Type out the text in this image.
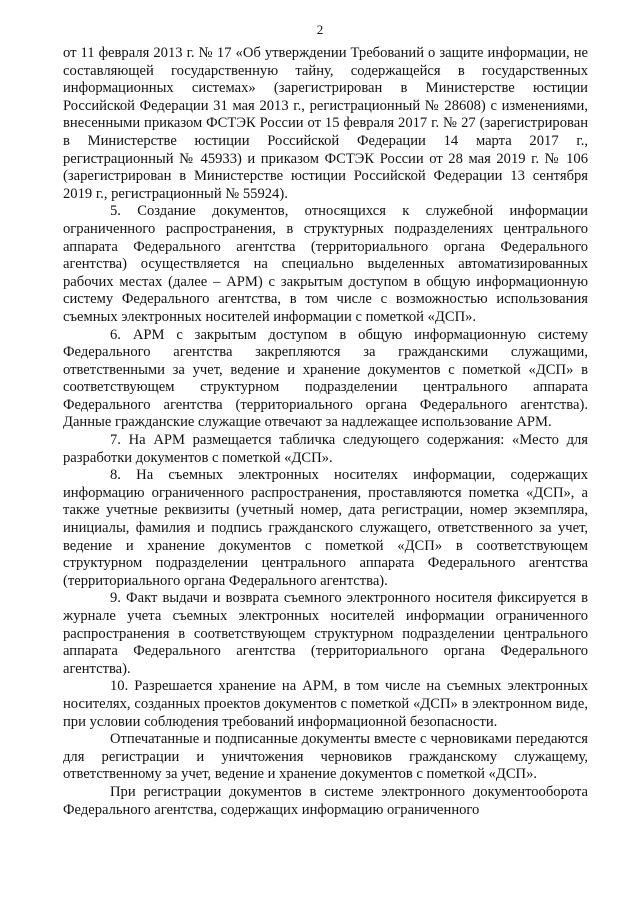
2

от 11 февраля 2013 г. № 17 «Об утверждении Требований о защите информации, не составляющей государственную тайну, содержащейся в государственных информационных системах» (зарегистрирован в Министерстве юстиции Российской Федерации 31 мая 2013 г., регистрационный № 28608) с изменениями, внесенными приказом ФСТЭК России от 15 февраля 2017 г. № 27 (зарегистрирован в Министерстве юстиции Российской Федерации 14 марта 2017 г., регистрационный № 45933) и приказом ФСТЭК России от 28 мая 2019 г. № 106 (зарегистрирован в Министерстве юстиции Российской Федерации 13 сентября 2019 г., регистрационный № 55924).

5. Создание документов, относящихся к служебной информации ограниченного распространения, в структурных подразделениях центрального аппарата Федерального агентства (территориального органа Федерального агентства) осуществляется на специально выделенных автоматизированных рабочих местах (далее – АРМ) с закрытым доступом в общую информационную систему Федерального агентства, в том числе с возможностью использования съемных электронных носителей информации с пометкой «ДСП».

6. АРМ с закрытым доступом в общую информационную систему Федерального агентства закрепляются за гражданскими служащими, ответственными за учет, ведение и хранение документов с пометкой «ДСП» в соответствующем структурном подразделении центрального аппарата Федерального агентства (территориального органа Федерального агентства). Данные гражданские служащие отвечают за надлежащее использование АРМ.

7. На АРМ размещается табличка следующего содержания: «Место для разработки документов с пометкой «ДСП».

8. На съемных электронных носителях информации, содержащих информацию ограниченного распространения, проставляются пометка «ДСП», а также учетные реквизиты (учетный номер, дата регистрации, номер экземпляра, инициалы, фамилия и подпись гражданского служащего, ответственного за учет, ведение и хранение документов с пометкой «ДСП» в соответствующем структурном подразделении центрального аппарата Федерального агентства (территориального органа Федерального агентства).

9. Факт выдачи и возврата съемного электронного носителя фиксируется в журнале учета съемных электронных носителей информации ограниченного распространения в соответствующем структурном подразделении центрального аппарата Федерального агентства (территориального органа Федерального агентства).

10. Разрешается хранение на АРМ, в том числе на съемных электронных носителях, созданных проектов документов с пометкой «ДСП» в электронном виде, при условии соблюдения требований информационной безопасности.

Отпечатанные и подписанные документы вместе с черновиками передаются для регистрации и уничтожения черновиков гражданскому служащему, ответственному за учет, ведение и хранение документов с пометкой «ДСП».

При регистрации документов в системе электронного документооборота Федерального агентства, содержащих информацию ограниченного
